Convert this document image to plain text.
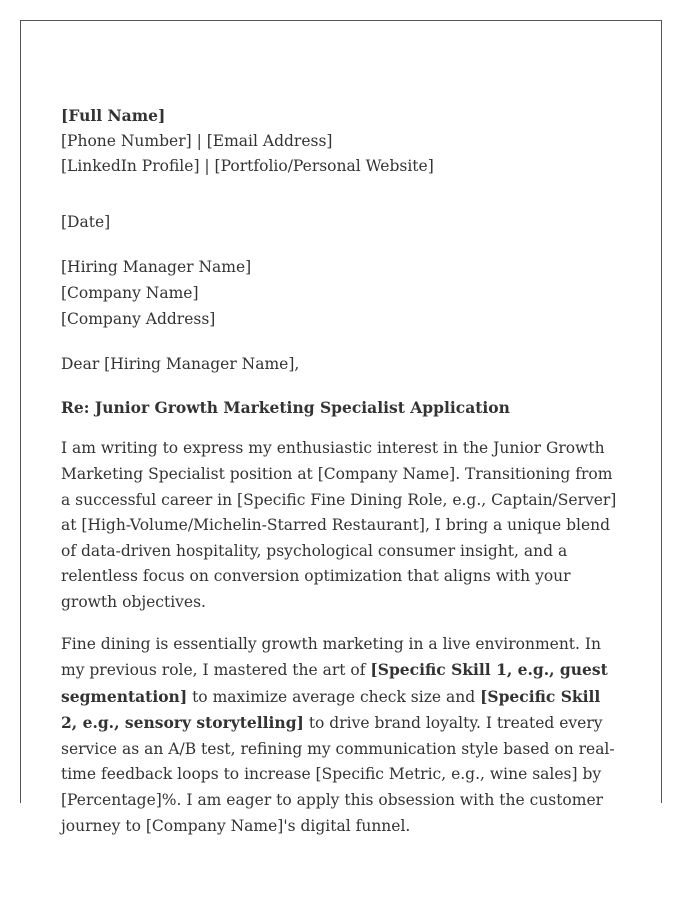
[Full Name]
[Phone Number] | [Email Address]
[LinkedIn Profile] | [Portfolio/Personal Website]
[Date]
[Hiring Manager Name]
[Company Name]
[Company Address]
Dear [Hiring Manager Name],
Re: Junior Growth Marketing Specialist Application

I am writing to express my enthusiastic interest in the Junior Growth Marketing Specialist position at [Company Name]. Transitioning from a successful career in [Specific Fine Dining Role, e.g., Captain/Server] at [High-Volume/Michelin-Starred Restaurant], I bring a unique blend of data-driven hospitality, psychological consumer insight, and a relentless focus on conversion optimization that aligns with your growth objectives.

Fine dining is essentially growth marketing in a live environment. In my previous role, I mastered the art of [Specific Skill 1, e.g., guest segmentation] to maximize average check size and [Specific Skill 2, e.g., sensory storytelling] to drive brand loyalty. I treated every service as an A/B test, refining my communication style based on real-time feedback loops to increase [Specific Metric, e.g., wine sales] by [Percentage]%. I am eager to apply this obsession with the customer journey to [Company Name]'s digital funnel.
